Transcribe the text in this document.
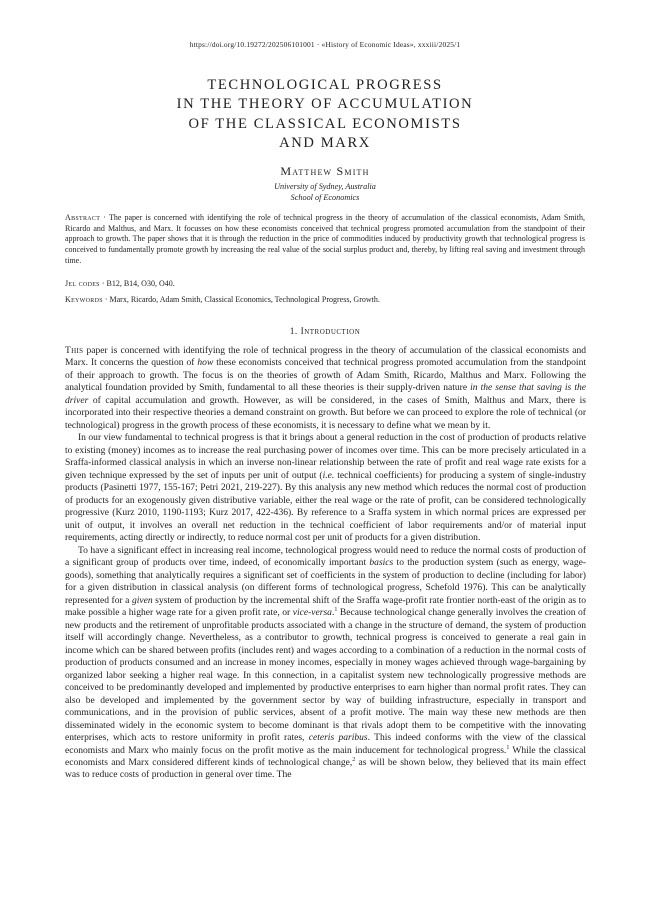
https://doi.org/10.19272/202506101001 · «History of Economic Ideas», xxxiii/2025/1
TECHNOLOGICAL PROGRESS
IN THE THEORY OF ACCUMULATION
OF THE CLASSICAL ECONOMISTS
AND MARX
Matthew Smith
University of Sydney, Australia
School of Economics
Abstract · The paper is concerned with identifying the role of technical progress in the theory of accumulation of the classical economists, Adam Smith, Ricardo and Malthus, and Marx. It focusses on how these economists conceived that technical progress promoted accumulation from the standpoint of their approach to growth. The paper shows that it is through the reduction in the price of commodities induced by productivity growth that technological progress is conceived to fundamentally promote growth by increasing the real value of the social surplus product and, thereby, by lifting real saving and investment through time.
Jel codes · B12, B14, O30, O40.
Keywords · Marx, Ricardo, Adam Smith, Classical Economics, Technological Progress, Growth.
1. Introduction

This paper is concerned with identifying the role of technical progress in the theory of accumulation of the classical economists and Marx. It concerns the question of how these economists conceived that technical progress promoted accumulation from the standpoint of their approach to growth. The focus is on the theories of growth of Adam Smith, Ricardo, Malthus and Marx. Following the analytical foundation provided by Smith, fundamental to all these theories is their supply-driven nature in the sense that saving is the driver of capital accumulation and growth. However, as will be considered, in the cases of Smith, Malthus and Marx, there is incorporated into their respective theories a demand constraint on growth. But before we can proceed to explore the role of technical (or technological) progress in the growth process of these economists, it is necessary to define what we mean by it.

In our view fundamental to technical progress is that it brings about a general reduction in the cost of production of products relative to existing (money) incomes as to increase the real purchasing power of incomes over time. This can be more precisely articulated in a Sraffa-informed classical analysis in which an inverse non-linear relationship between the rate of profit and real wage rate exists for a given technique expressed by the set of inputs per unit of output (i.e. technical coefficients) for producing a system of single-industry products (Pasinetti 1977, 155-167; Petri 2021, 219-227). By this analysis any new method which reduces the normal cost of production of products for an exogenously given distributive variable, either the real wage or the rate of profit, can be considered technologically progressive (Kurz 2010, 1190-1193; Kurz 2017, 422-436). By reference to a Sraffa system in which normal prices are expressed per unit of output, it involves an overall net reduction in the technical coefficient of labor requirements and/or of material input requirements, acting directly or indirectly, to reduce normal cost per unit of products for a given distribution.

To have a significant effect in increasing real income, technological progress would need to reduce the normal costs of production of a significant group of products over time, indeed, of economically important basics to the production system (such as energy, wage-goods), something that analytically requires a significant set of coefficients in the system of production to decline (including for labor) for a given distribution in classical analysis (on different forms of technological progress, Schefold 1976). This can be analytically represented for a given system of production by the incremental shift of the Sraffa wage-profit rate frontier north-east of the origin as to make possible a higher wage rate for a given profit rate, or vice-versa.$^1$ Because technological change generally involves the creation of new products and the retirement of unprofitable products associated with a change in the structure of demand, the system of production itself will accordingly change. Nevertheless, as a contributor to growth, technical progress is conceived to generate a real gain in income which can be shared between profits (includes rent) and wages according to a combination of a reduction in the normal costs of production of products consumed and an increase in money incomes, especially in money wages achieved through wage-bargaining by organized labor seeking a higher real wage. In this connection, in a capitalist system new technologically progressive methods are conceived to be predominantly developed and implemented by productive enterprises to earn higher than normal profit rates. They can also be developed and implemented by the government sector by way of building infrastructure, especially in transport and communications, and in the provision of public services, absent of a profit motive. The main way these new methods are then disseminated widely in the economic system to become dominant is that rivals adopt them to be competitive with the innovating enterprises, which acts to restore uniformity in profit rates, ceteris paribus. This indeed conforms with the view of the classical economists and Marx who mainly focus on the profit motive as the main inducement for technological progress.$^1$ While the classical economists and Marx considered different kinds of technological change,$^2$ as will be shown below, they believed that its main effect was to reduce costs of production in general over time. The
